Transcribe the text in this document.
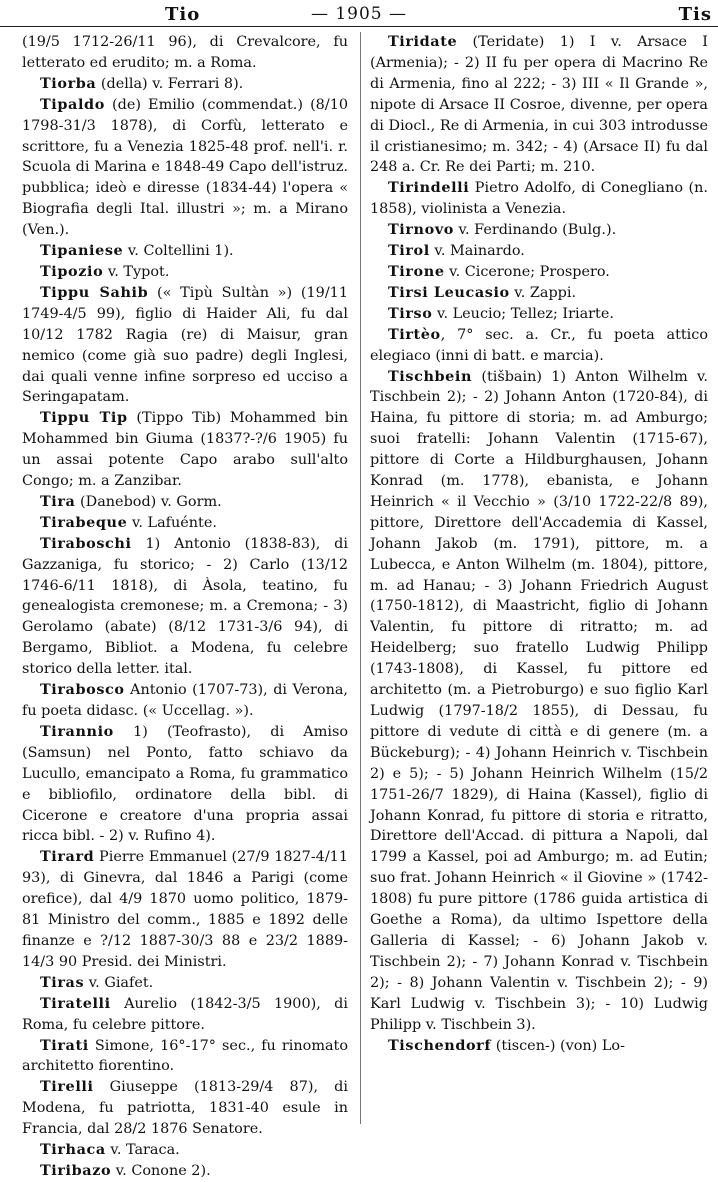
Tio	— 1905 —	Tis

(19/5 1712-26/11 96), di Crevalcore, fu letterato ed erudito; m. a Roma.

Tiorba (della) v. Ferrari 8).

Tipaldo (de) Emilio (commendat.) (8/10 1798-31/3 1878), di Corfù, letterato e scrittore, fu a Venezia 1825-48 prof. nell'i. r. Scuola di Marina e 1848-49 Capo dell'istruz. pubblica; ideò e diresse (1834-44) l'opera « Biografia degli Ital. illustri »; m. a Mirano (Ven.).

Tipaniese v. Coltellini 1).

Tipozio v. Typot.

Tippu Sahib (« Tipù Sultàn ») (19/11 1749-4/5 99), figlio di Haider Ali, fu dal 10/12 1782 Ragia (re) di Maisur, gran nemico (come già suo padre) degli Inglesi, dai quali venne infine sorpreso ed ucciso a Seringapatam.

Tippu Tip (Tippo Tib) Mohammed bin Mohammed bin Giuma (1837?-?/6 1905) fu un assai potente Capo arabo sull'alto Congo; m. a Zanzibar.

Tira (Danebod) v. Gorm.

Tirabeque v. Lafuénte.

Tiraboschi 1) Antonio (1838-83), di Gazzaniga, fu storico; - 2) Carlo (13/12 1746-6/11 1818), di Àsola, teatino, fu genealogista cremonese; m. a Cremona; - 3) Gerolamo (abate) (8/12 1731-3/6 94), di Bergamo, Bibliot. a Modena, fu celebre storico della letter. ital.

Tirabosco Antonio (1707-73), di Verona, fu poeta didasc. (« Uccellag. »).

Tirannio 1) (Teofrasto), di Amiso (Samsun) nel Ponto, fatto schiavo da Lucullo, emancipato a Roma, fu grammatico e bibliofilo, ordinatore della bibl. di Cicerone e creatore d'una propria assai ricca bibl. - 2) v. Rufino 4).

Tirard Pierre Emmanuel (27/9 1827-4/11 93), di Ginevra, dal 1846 a Parigi (come orefice), dal 4/9 1870 uomo politico, 1879-81 Ministro del comm., 1885 e 1892 delle finanze e ?/12 1887-30/3 88 e 23/2 1889-14/3 90 Presid. dei Ministri.

Tiras v. Giafet.

Tiratelli Aurelio (1842-3/5 1900), di Roma, fu celebre pittore.

Tirati Simone, 16°-17° sec., fu rinomato architetto fiorentino.

Tirelli Giuseppe (1813-29/4 87), di Modena, fu patriotta, 1831-40 esule in Francia, dal 28/2 1876 Senatore.

Tirhaca v. Taraca.

Tiribazo v. Conone 2).

Tiridate (Teridate) 1) I v. Arsace I (Armenia); - 2) II fu per opera di Macrino Re di Armenia, fino al 222; - 3) III « Il Grande », nipote di Arsace II Cosroe, divenne, per opera di Diocl., Re di Armenia, in cui 303 introdusse il cristianesimo; m. 342; - 4) (Arsace II) fu dal 248 a. Cr. Re dei Parti; m. 210.

Tirindelli Pietro Adolfo, di Conegliano (n. 1858), violinista a Venezia.

Tirnovo v. Ferdinando (Bulg.).

Tirol v. Mainardo.

Tirone v. Cicerone; Prospero.

Tirsi Leucasio v. Zappi.

Tirso v. Leucio; Tellez; Iriarte.

Tirtèo, 7° sec. a. Cr., fu poeta attico elegiaco (inni di batt. e marcia).

Tischbein (tišbain) 1) Anton Wilhelm v. Tischbein 2); - 2) Johann Anton (1720-84), di Haina, fu pittore di storia; m. ad Amburgo; suoi fratelli: Johann Valentin (1715-67), pittore di Corte a Hildburghausen, Johann Konrad (m. 1778), ebanista, e Johann Heinrich « il Vecchio » (3/10 1722-22/8 89), pittore, Direttore dell'Accademia di Kassel, Johann Jakob (m. 1791), pittore, m. a Lubecca, e Anton Wilhelm (m. 1804), pittore, m. ad Hanau; - 3) Johann Friedrich August (1750-1812), di Maastricht, figlio di Johann Valentin, fu pittore di ritratto; m. ad Heidelberg; suo fratello Ludwig Philipp (1743-1808), di Kassel, fu pittore ed architetto (m. a Pietroburgo) e suo figlio Karl Ludwig (1797-18/2 1855), di Dessau, fu pittore di vedute di città e di genere (m. a Bückeburg); - 4) Johann Heinrich v. Tischbein 2) e 5); - 5) Johann Heinrich Wilhelm (15/2 1751-26/7 1829), di Haina (Kassel), figlio di Johann Konrad, fu pittore di storia e ritratto, Direttore dell'Accad. di pittura a Napoli, dal 1799 a Kassel, poi ad Amburgo; m. ad Eutin; suo frat. Johann Heinrich « il Giovine » (1742-1808) fu pure pittore (1786 guida artistica di Goethe a Roma), da ultimo Ispettore della Galleria di Kassel; - 6) Johann Jakob v. Tischbein 2); - 7) Johann Konrad v. Tischbein 2); - 8) Johann Valentin v. Tischbein 2); - 9) Karl Ludwig v. Tischbein 3); - 10) Ludwig Philipp v. Tischbein 3).

Tischendorf (tiscen-) (von) Lo-
